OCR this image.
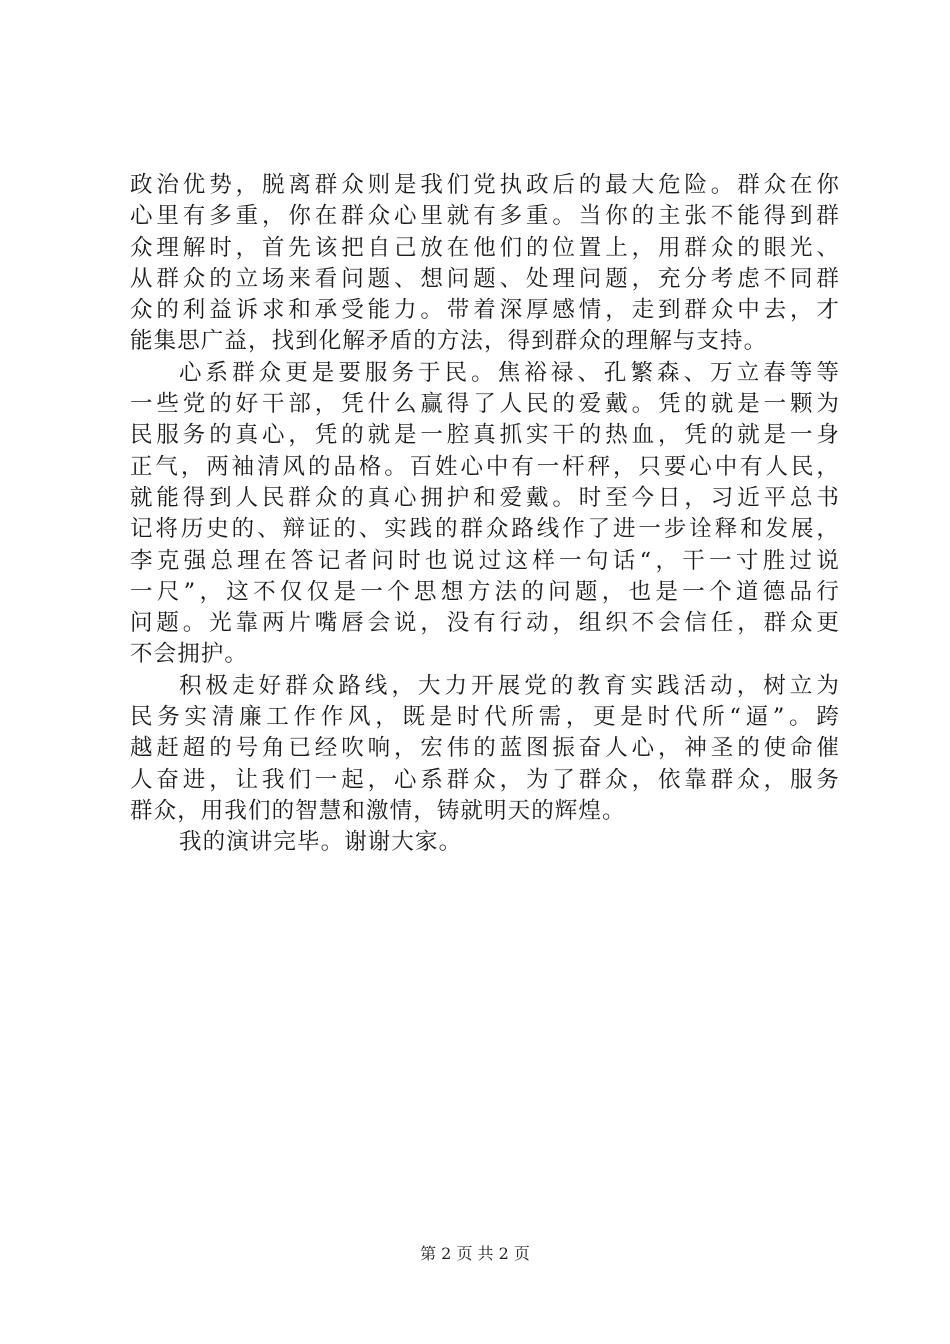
政治优势，脱离群众则是我们党执政后的最大危险。群众在你
心里有多重，你在群众心里就有多重。当你的主张不能得到群
众理解时，首先该把自己放在他们的位置上，用群众的眼光、
从群众的立场来看问题、想问题、处理问题，充分考虑不同群
众的利益诉求和承受能力。带着深厚感情，走到群众中去，才
能集思广益，找到化解矛盾的方法，得到群众的理解与支持。
心系群众更是要服务于民。焦裕禄、孔繁森、万立春等等
一些党的好干部，凭什么赢得了人民的爱戴。凭的就是一颗为
民服务的真心，凭的就是一腔真抓实干的热血，凭的就是一身
正气，两袖清风的品格。百姓心中有一杆秤，只要心中有人民，
就能得到人民群众的真心拥护和爱戴。时至今日，习近平总书
记将历史的、辩证的、实践的群众路线作了进一步诠释和发展，
李克强总理在答记者问时也说过这样一句话“，干一寸胜过说
一尺”，这不仅仅是一个思想方法的问题，也是一个道德品行
问题。光靠两片嘴唇会说，没有行动，组织不会信任，群众更
不会拥护。
积极走好群众路线，大力开展党的教育实践活动，树立为
民务实清廉工作作风，既是时代所需，更是时代所“逼”。跨
越赶超的号角已经吹响，宏伟的蓝图振奋人心，神圣的使命催
人奋进，让我们一起，心系群众，为了群众，依靠群众，服务
群众，用我们的智慧和激情，铸就明天的辉煌。
我的演讲完毕。谢谢大家。
第 2 页 共 2 页
